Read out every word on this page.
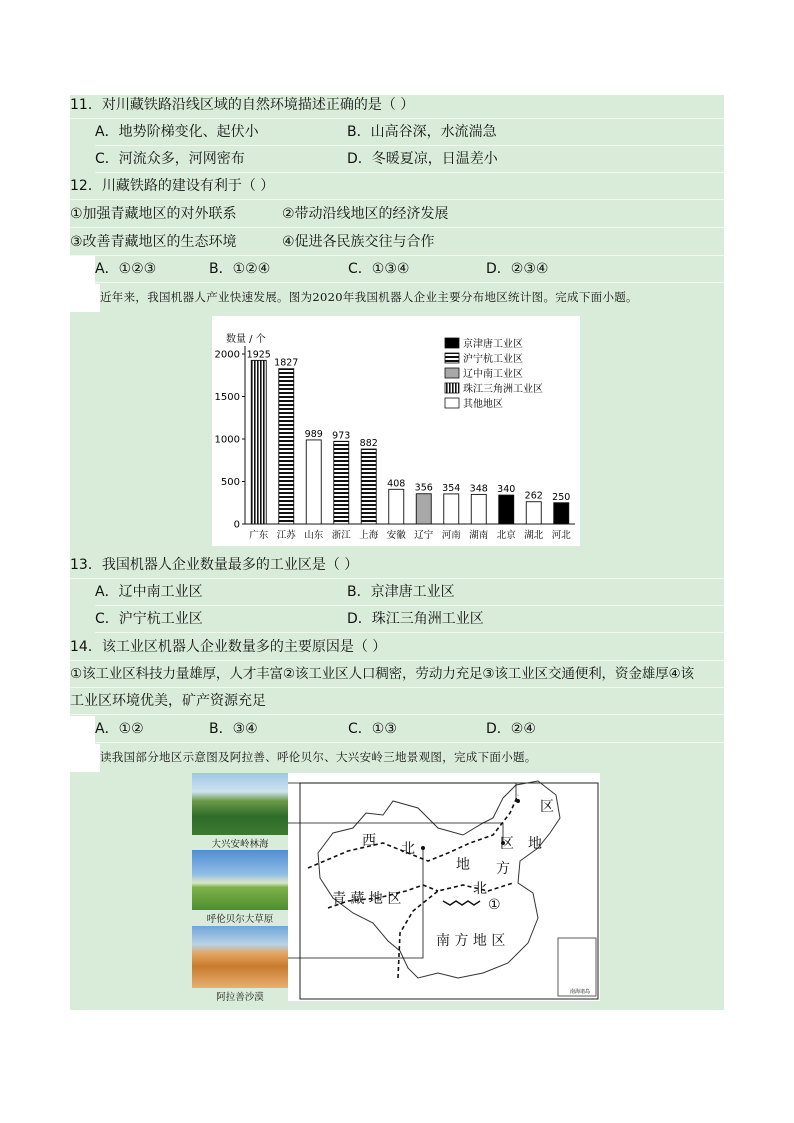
11．对川藏铁路沿线区域的自然环境描述正确的是（ ）
A．地势阶梯变化、起伏小	B．山高谷深，水流湍急
C．河流众多，河网密布	D．冬暖夏凉，日温差小
12．川藏铁路的建设有利于（ ）
①加强青藏地区的对外联系	②带动沿线地区的经济发展
③改善青藏地区的生态环境	④促进各民族交往与合作
A．①②③	B．①②④	C．①③④	D．②③④
近年来，我国机器人产业快速发展。图为2020年我国机器人企业主要分布地区统计图。完成下面小题。
数量 / 个
0
500
1000
1500
2000 1925
广东
1827
江苏
989
山东
973
浙江
882
上海
408
安徽
356
辽宁
354
河南
348
湖南
340
北京
262
湖北
250
河北
京津唐工业区
沪宁杭工业区
辽中南工业区
珠江三角洲工业区
其他地区
13．我国机器人企业数量最多的工业区是（ ）
A．辽中南工业区	B．京津唐工业区
C．沪宁杭工业区	D．珠江三角洲工业区
14．该工业区机器人企业数量多的主要原因是（ ）
①该工业区科技力量雄厚，人才丰富②该工业区人口稠密，劳动力充足③该工业区交通便利，资金雄厚④该
工业区环境优美，矿产资源充足
A．①②	B．③④	C．①③	D．②④
读我国部分地区示意图及阿拉善、呼伦贝尔、大兴安岭三地景观图，完成下面小题。
大兴安岭林海
呼伦贝尔大草原
阿拉善沙漠
西 北
区
区 地
地 方
北
①
青 藏 地 区
南 方 地 区
南海诸岛
